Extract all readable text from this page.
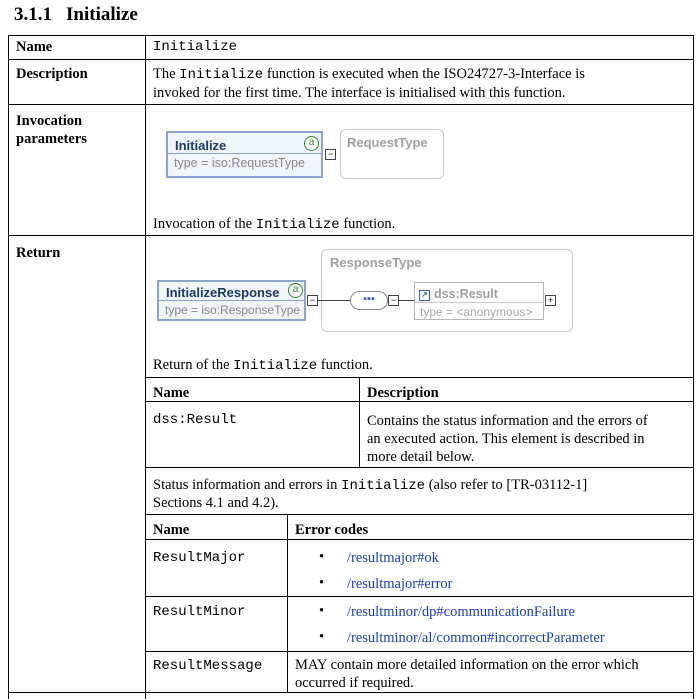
3.1.1 Initialize
Name	Initialize
Description	The Initialize function is executed when the ISO24727-3-Interface is
invoked for the first time. The interface is initialised with this function.
Invocation
parameters	Initialize
type = iso:RequestType
a
−
RequestType
Invocation of the Initialize function.
Return
ResponseType
InitializeResponse
type = iso:ResponseType
a
−	▪▪▪	−
↗ dss:Result
type = <anonymous>
+
Return of the Initialize function.
Name	Description
dss:Result	Contains the status information and the errors of
an executed action. This element is described in
more detail below.
Status information and errors in Initialize (also refer to [TR-03112-1]
Sections 4.1 and 4.2).
Name	Error codes
ResultMajor	• /resultmajor#ok
• /resultmajor#error
ResultMinor	• /resultminor/dp#communicationFailure
• /resultminor/al/common#incorrectParameter
ResultMessage MAY contain more detailed information on the error which
occurred if required.
